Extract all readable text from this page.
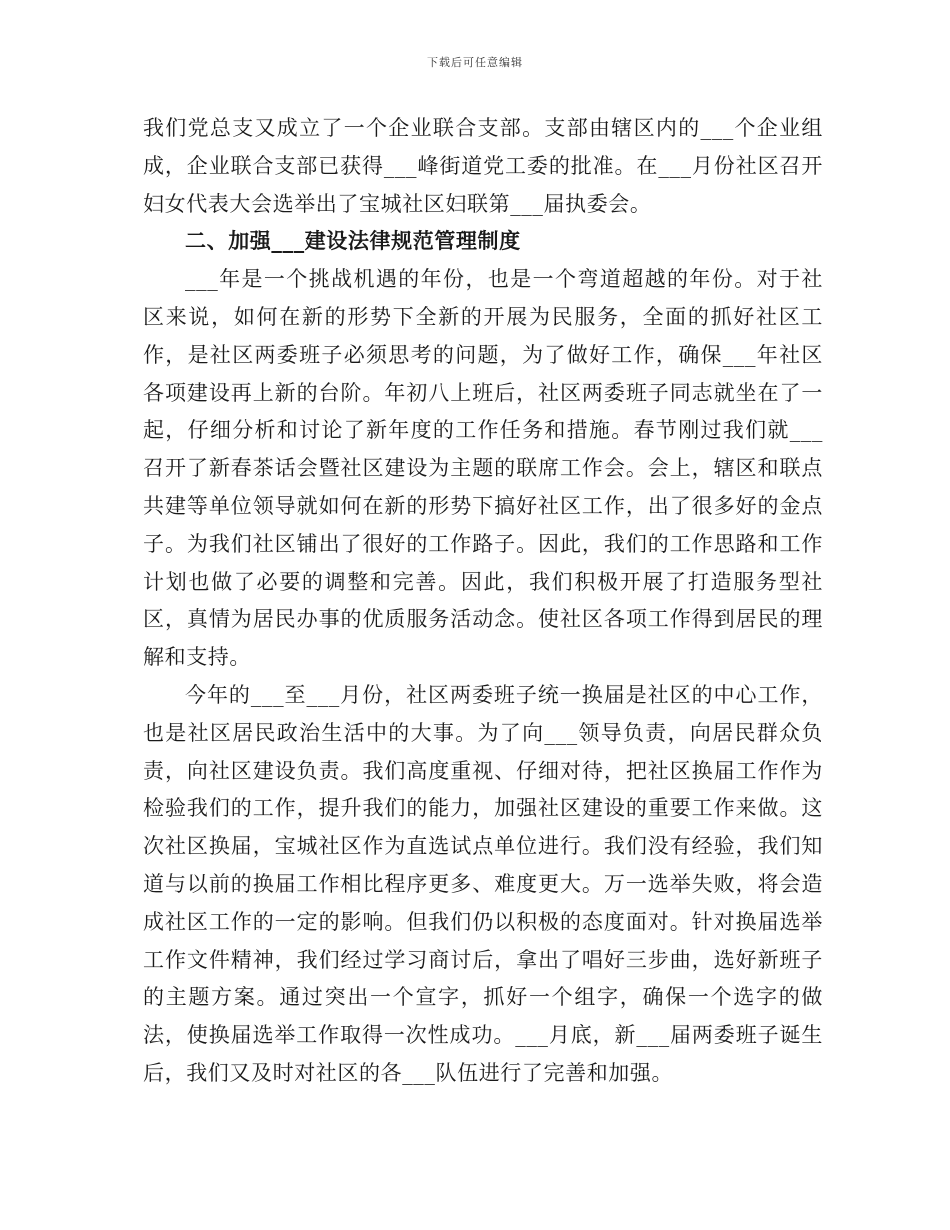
下载后可任意编辑

我们党总支又成立了一个企业联合支部。支部由辖区内的___个企业组成，企业联合支部已获得___峰街道党工委的批准。在___月份社区召开妇女代表大会选举出了宝城社区妇联第___届执委会。

二、加强___建设法律规范管理制度

___年是一个挑战机遇的年份，也是一个弯道超越的年份。对于社区来说，如何在新的形势下全新的开展为民服务，全面的抓好社区工作，是社区两委班子必须思考的问题，为了做好工作，确保___年社区各项建设再上新的台阶。年初八上班后，社区两委班子同志就坐在了一起，仔细分析和讨论了新年度的工作任务和措施。春节刚过我们就___召开了新春茶话会暨社区建设为主题的联席工作会。会上，辖区和联点共建等单位领导就如何在新的形势下搞好社区工作，出了很多好的金点子。为我们社区铺出了很好的工作路子。因此，我们的工作思路和工作计划也做了必要的调整和完善。因此，我们积极开展了打造服务型社区，真情为居民办事的优质服务活动念。使社区各项工作得到居民的理解和支持。

今年的___至___月份，社区两委班子统一换届是社区的中心工作，也是社区居民政治生活中的大事。为了向___领导负责，向居民群众负责，向社区建设负责。我们高度重视、仔细对待，把社区换届工作作为检验我们的工作，提升我们的能力，加强社区建设的重要工作来做。这次社区换届，宝城社区作为直选试点单位进行。我们没有经验，我们知道与以前的换届工作相比程序更多、难度更大。万一选举失败，将会造成社区工作的一定的影响。但我们仍以积极的态度面对。针对换届选举工作文件精神，我们经过学习商讨后，拿出了唱好三步曲，选好新班子的主题方案。通过突出一个宣字，抓好一个组字，确保一个选字的做法，使换届选举工作取得一次性成功。___月底，新___届两委班子诞生后，我们又及时对社区的各___队伍进行了完善和加强。
